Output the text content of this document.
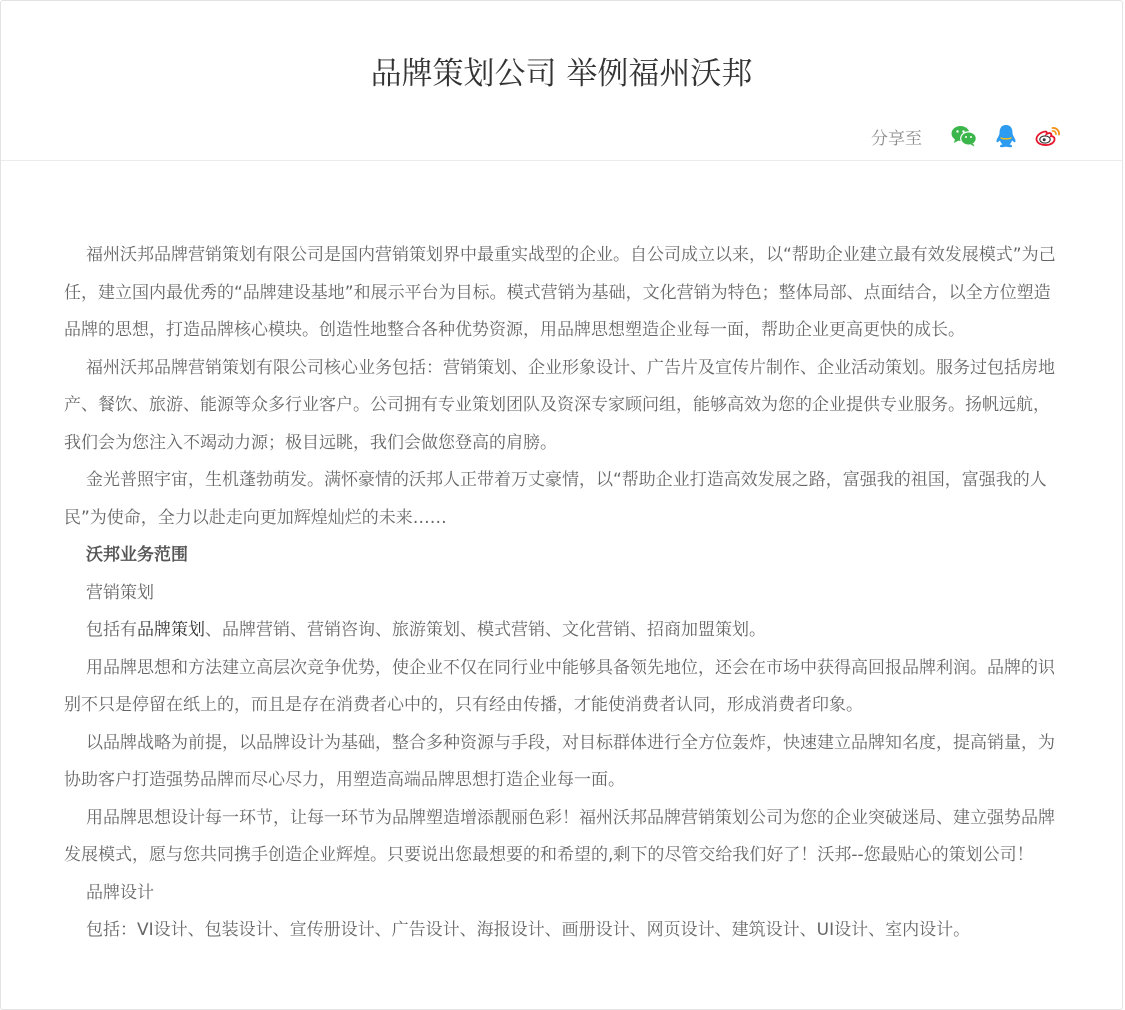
品牌策划公司 举例福州沃邦
分享至

福州沃邦品牌营销策划有限公司是国内营销策划界中最重实战型的企业。自公司成立以来，以“帮助企业建立最有效发展模式”为己任，建立国内最优秀的“品牌建设基地”和展示平台为目标。模式营销为基础，文化营销为特色；整体局部、点面结合，以全方位塑造品牌的思想，打造品牌核心模块。创造性地整合各种优势资源，用品牌思想塑造企业每一面，帮助企业更高更快的成长。

福州沃邦品牌营销策划有限公司核心业务包括：营销策划、企业形象设计、广告片及宣传片制作、企业活动策划。服务过包括房地产、餐饮、旅游、能源等众多行业客户。公司拥有专业策划团队及资深专家顾问组，能够高效为您的企业提供专业服务。扬帆远航，我们会为您注入不竭动力源；极目远眺，我们会做您登高的肩膀。

金光普照宇宙，生机蓬勃萌发。满怀豪情的沃邦人正带着万丈豪情，以“帮助企业打造高效发展之路，富强我的祖国，富强我的人民”为使命，全力以赴走向更加辉煌灿烂的未来……

沃邦业务范围

营销策划

包括有品牌策划、品牌营销、营销咨询、旅游策划、模式营销、文化营销、招商加盟策划。

用品牌思想和方法建立高层次竞争优势，使企业不仅在同行业中能够具备领先地位，还会在市场中获得高回报品牌利润。品牌的识别不只是停留在纸上的，而且是存在消费者心中的，只有经由传播，才能使消费者认同，形成消费者印象。

以品牌战略为前提，以品牌设计为基础，整合多种资源与手段，对目标群体进行全方位轰炸，快速建立品牌知名度，提高销量，为协助客户打造强势品牌而尽心尽力，用塑造高端品牌思想打造企业每一面。

用品牌思想设计每一环节，让每一环节为品牌塑造增添靓丽色彩！福州沃邦品牌营销策划公司为您的企业突破迷局、建立强势品牌发展模式，愿与您共同携手创造企业辉煌。只要说出您最想要的和希望的,剩下的尽管交给我们好了！沃邦--您最贴心的策划公司！

品牌设计

包括：VI设计、包装设计、宣传册设计、广告设计、海报设计、画册设计、网页设计、建筑设计、UI设计、室内设计。
